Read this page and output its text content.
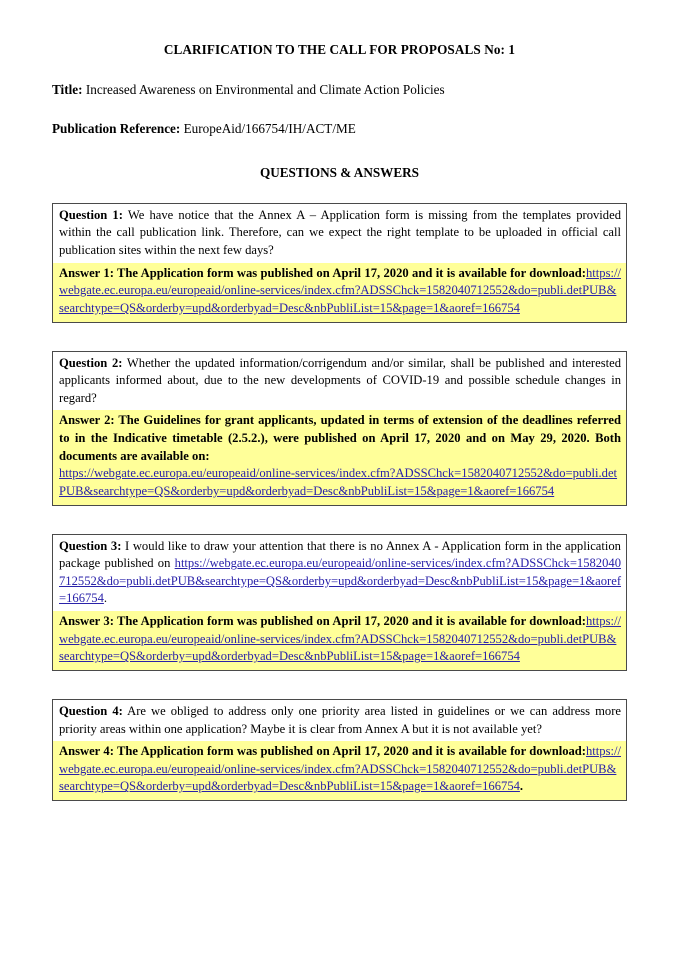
CLARIFICATION TO THE CALL FOR PROPOSALS No: 1

Title: Increased Awareness on Environmental and Climate Action Policies

Publication Reference: EuropeAid/166754/IH/ACT/ME

QUESTIONS & ANSWERS
Question 1: We have notice that the Annex A – Application form is missing from the templates provided within the call publication link. Therefore, can we expect the right template to be uploaded in official call publication sites within the next few days?
Answer 1: The Application form was published on April 17, 2020 and it is available for download:https://webgate.ec.europa.eu/europeaid/online-services/index.cfm?ADSSChck=1582040712552&do=publi.detPUB&searchtype=QS&orderby=upd&orderbyad=Desc&nbPubliList=15&page=1&aoref=166754
Question 2: Whether the updated information/corrigendum and/or similar, shall be published and interested applicants informed about, due to the new developments of COVID-19 and possible schedule changes in regard?
Answer 2: The Guidelines for grant applicants, updated in terms of extension of the deadlines referred to in the Indicative timetable (2.5.2.), were published on April 17, 2020 and on May 29, 2020. Both documents are available on:
https://webgate.ec.europa.eu/europeaid/online-services/index.cfm?ADSSChck=1582040712552&do=publi.detPUB&searchtype=QS&orderby=upd&orderbyad=Desc&nbPubliList=15&page=1&aoref=166754
Question 3: I would like to draw your attention that there is no Annex A - Application form in the application package published on https://webgate.ec.europa.eu/europeaid/online-services/index.cfm?ADSSChck=1582040712552&do=publi.detPUB&searchtype=QS&orderby=upd&orderbyad=Desc&nbPubliList=15&page=1&aoref=166754.
Answer 3: The Application form was published on April 17, 2020 and it is available for download:https://webgate.ec.europa.eu/europeaid/online-services/index.cfm?ADSSChck=1582040712552&do=publi.detPUB&searchtype=QS&orderby=upd&orderbyad=Desc&nbPubliList=15&page=1&aoref=166754
Question 4: Are we obliged to address only one priority area listed in guidelines or we can address more priority areas within one application? Maybe it is clear from Annex A but it is not available yet?
Answer 4: The Application form was published on April 17, 2020 and it is available for download:https://webgate.ec.europa.eu/europeaid/online-services/index.cfm?ADSSChck=1582040712552&do=publi.detPUB&searchtype=QS&orderby=upd&orderbyad=Desc&nbPubliList=15&page=1&aoref=166754.
